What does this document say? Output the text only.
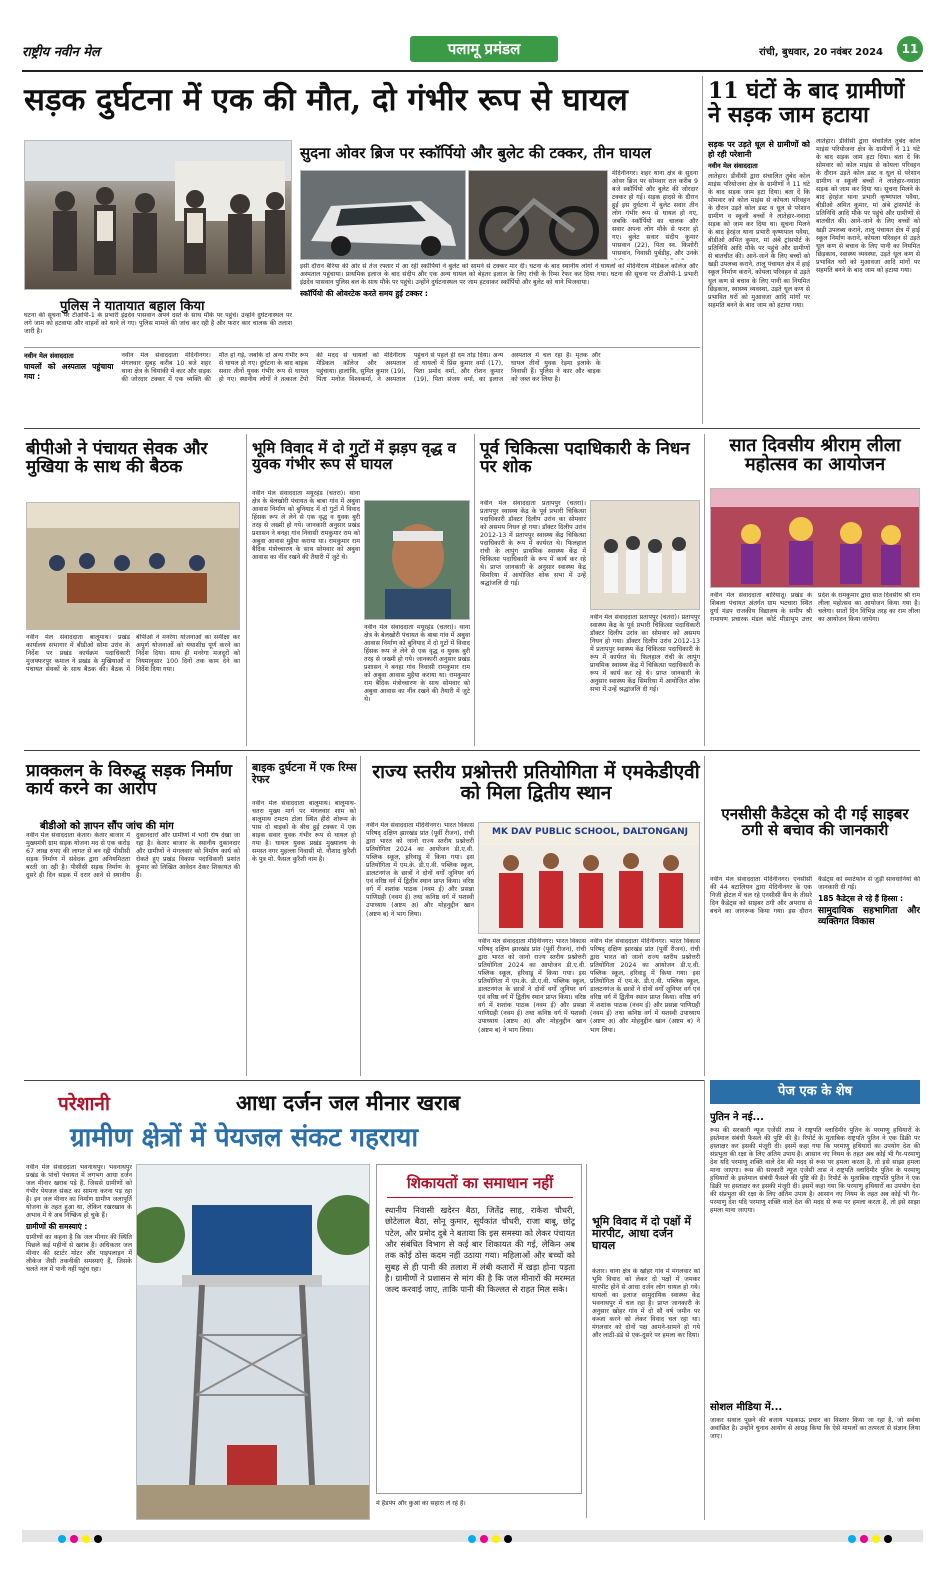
राष्ट्रीय नवीन मेल	पलामू प्रमंडल	रांची, बुधवार, 20 नवंबर 2024	11
सड़क दुर्घटना में एक की मौत, दो गंभीर रूप से घायल
पुलिस ने यातायात बहाल किया
घटना की सूचना पर टीओपी-1 के प्रभारी इंद्रदेव पासवान अपने दस्ते के साथ मौके पर पहुंचे। उन्होंने दुर्घटनास्थल पर लगे जाम को हटवाया और वाहनों को थाने ले गए। पुलिस मामले की जांच कर रही है और फरार कार चालक की तलाश जारी है।
सुदना ओवर ब्रिज पर स्कॉर्पियो और बुलेट की टक्कर, तीन घायल
मेदिनीनगर। शहर थाना क्षेत्र के सुदना ओवर ब्रिज पर सोमवार रात करीब 9 बजे स्कॉर्पियो और बुलेट की जोरदार टक्कर हो गई। सड़क हादसे के दौरान हुई इस दुर्घटना में बुलेट सवार तीन लोग गंभीर रूप से घायल हो गए, जबकि स्कॉर्पियो का चालक और सवार अपना लोग मौके से फरार हो गए। बुलेट सवार संदीप कुमार पासवान (22), पिता स्व. किशोरी पासवान, निवासी पुर्बडीह, और उनके
इसी दौरान बैरिया की ओर से तेज रफ्तार में आ रही स्कॉर्पियो ने बुलेट को सामने से टक्कर मार दी। घटना के बाद स्थानीय लोगों ने घायलों को मेदिनीराय मेडिकल कॉलेज और अस्पताल पहुंचाया। प्राथमिक इलाज के बाद संदीप और एक अन्य घायल को बेहतर इलाज के लिए रांची के रिम्स रेफर कर दिया गया। घटना की सूचना पर टीओपी-1 प्रभारी इंद्रदेव पासवान पुलिस बल के साथ मौके पर पहुंचे। उन्होंने दुर्घटनास्थल पर जाम हटवाकर स्कॉर्पियो और बुलेट को थाने भिजवाया।
स्कॉर्पियो की ओवरटेक करते समय हुई टक्कर :
नवीन मेल संवाददाता
घायलों को अस्पताल पहुंचाया गया :
नवीन मेल संवाददाता मेदिनीनगर। मंगलवार सुबह करीब 10 बजे शहर थाना क्षेत्र के चियांकी में कार और सड़क की जोरदार टक्कर में एक व्यक्ति की मौत हो गई, जबकि दो अन्य गंभीर रूप से घायल हो गए। दुर्घटना के बाद बाइक सवार तीनों युवक गंभीर रूप से घायल हो गए। स्थानीय लोगों ने तत्काल टेंपो की मदद से घायलों को मेदिनीराय मेडिकल कॉलेज और अस्पताल पहुंचाया। हालांकि, सुमित कुमार (19), पिता मनोज विश्वकर्मा, ने अस्पताल पहुंचने से पहले ही दम तोड़ दिया। अन्य दो घायलों में प्रिंस कुमार वर्मा (17), पिता प्रमोद वर्मा, और रोशन कुमार (19), पिता संजय वर्मा, का इलाज अस्पताल में चल रहा है। मृतक और घायल तीनों युवक रेड़मा इलाके के निवासी हैं। पुलिस ने कार और बाइक को जब्त कर लिया है।
11 घंटों के बाद ग्रामीणों ने सड़क जाम हटाया
सड़क पर उड़ते धूल से ग्रामीणों को हो रही परेशानी
नवीन मेल संवाददाता
लातेहार। डीवीसी द्वारा संचालित तुबेद कोल माइंस परियोजना क्षेत्र के ग्रामीणों ने 11 घंटे के बाद सड़क जाम हटा दिया। बता दें कि सोमवार को कोल माइंस से कोयला परिवहन के दौरान उड़ते कोल डस्ट व धूल से परेशान ग्रामीण व स्कूली बच्चों ने लातेहार-नवादा सड़क को जाम कर दिया था। सूचना मिलने के बाद हेरहंज थाना प्रभारी कृष्णपाल पवैया, बीडीओ अमित कुमार, मां अंबे ट्रांसपोर्ट के प्रतिनिधि आदि मौके पर पहुंचे और ग्रामीणों से बातचीत की। आने-जाने के लिए बच्चों को खड़ी उपलब्ध कराने, तालू पंचायत क्षेत्र में हाई स्कूल निर्माण कराने, कोयला परिवहन से उड़ते धूल कण से बचाव के लिए पानी का नियमित छिड़काव, स्वास्थ्य व्यवस्था, उड़ते धूल कण से प्रभावित घरों को मुआवजा आदि मांगों पर सहमति बनने के बाद जाम को हटाया गया।
लातेहार। डीवीसी द्वारा संचालित तुबेद कोल माइंस परियोजना क्षेत्र के ग्रामीणों ने 11 घंटे के बाद सड़क जाम हटा दिया। बता दें कि सोमवार को कोल माइंस से कोयला परिवहन के दौरान उड़ते कोल डस्ट व धूल से परेशान ग्रामीण व स्कूली बच्चों ने लातेहार-नवादा सड़क को जाम कर दिया था। सूचना मिलने के बाद हेरहंज थाना प्रभारी कृष्णपाल पवैया, बीडीओ अमित कुमार, मां अंबे ट्रांसपोर्ट के प्रतिनिधि आदि मौके पर पहुंचे और ग्रामीणों से बातचीत की। आने-जाने के लिए बच्चों को खड़ी उपलब्ध कराने, तालू पंचायत क्षेत्र में हाई स्कूल निर्माण कराने, कोयला परिवहन से उड़ते धूल कण से बचाव के लिए पानी का नियमित छिड़काव, स्वास्थ्य व्यवस्था, उड़ते धूल कण से प्रभावित घरों को मुआवजा आदि मांगों पर सहमति बनने के बाद जाम को हटाया गया।
बीपीओ ने पंचायत सेवक और मुखिया के साथ की बैठक
नवीन मेल संवाददाता बालूमाथ। प्रखंड कार्यालय सभागार में बीडीओ सोमा उरांव के निर्देश पर प्रखंड कार्यक्रम पदाधिकारी मुजफ्फरपुर कमाल ने प्रखंड के मुखियाओं व पंचायत सेवकों के साथ बैठक की। बैठक में बीपीओ ने मनरेगा योजनाओं का समीक्षा कर अपूर्ण योजनाओं को यथाशीघ्र पूर्ण करने का निर्देश दिया। साथ ही मनरेगा मजदूरों को नियमानुसार 100 दिनों तक काम देने का निर्देश दिया गया।
भूमि विवाद में दो गुटों में झड़प वृद्ध व युवक गंभीर रूप से घायल
नवीन मेल संवाददाता मयूरहंड (चतरा)। थाना क्षेत्र के बेलखोरी पंचायत के बाबा गांव में अबुवा आवास निर्माण को बुनियाद में दो गुटों में विवाद हिंसक रूप ले लेने से एक वृद्ध व युवक बुरी तरह से जख्मी हो गये। जानकारी अनुसार प्रखंड प्रशासन ने बनहा गांव निवासी रामकुमार राम को अबुवा आवास मुहैया कराया था। रामकुमार राम बैदिक मंत्रोच्चारण के साथ सोमवार को अबुवा आवास का नींव रखने की तैयारी में जुटे थे।
नवीन मेल संवाददाता मयूरहंड (चतरा)। थाना क्षेत्र के बेलखोरी पंचायत के बाबा गांव में अबुवा आवास निर्माण को बुनियाद में दो गुटों में विवाद हिंसक रूप ले लेने से एक वृद्ध व युवक बुरी तरह से जख्मी हो गये। जानकारी अनुसार प्रखंड प्रशासन ने बनहा गांव निवासी रामकुमार राम को अबुवा आवास मुहैया कराया था। रामकुमार राम बैदिक मंत्रोच्चारण के साथ सोमवार को अबुवा आवास का नींव रखने की तैयारी में जुटे थे।
पूर्व चिकित्सा पदाधिकारी के निधन पर शोक
नवीन मेल संवाददाता प्रतापपुर (चतरा)। प्रतापपुर स्वास्थ्य केंद्र के पूर्व प्रभारी चिकित्सा पदाधिकारी डॉक्टर दिलीप उरांव का सोमवार को असमय निधन हो गया। डॉक्टर दिलीप उरांव 2012-13 में प्रतापपुर स्वास्थ्य केंद्र चिकित्सा पदाधिकारी के रूप में कार्यरत थे। फिलहाल रांची के लापुंग प्राथमिक स्वास्थ्य केंद्र में चिकित्सा पदाधिकारी के रूप में कार्य कर रहे थे। प्राप्त जानकारी के अनुसार स्वास्थ्य केंद्र सिमरिया में आयोजित शोक सभा में उन्हें श्रद्धांजलि दी गई।
नवीन मेल संवाददाता प्रतापपुर (चतरा)। प्रतापपुर स्वास्थ्य केंद्र के पूर्व प्रभारी चिकित्सा पदाधिकारी डॉक्टर दिलीप उरांव का सोमवार को असमय निधन हो गया। डॉक्टर दिलीप उरांव 2012-13 में प्रतापपुर स्वास्थ्य केंद्र चिकित्सा पदाधिकारी के रूप में कार्यरत थे। फिलहाल रांची के लापुंग प्राथमिक स्वास्थ्य केंद्र में चिकित्सा पदाधिकारी के रूप में कार्य कर रहे थे। प्राप्त जानकारी के अनुसार स्वास्थ्य केंद्र सिमरिया में आयोजित शोक सभा में उन्हें श्रद्धांजलि दी गई।
सात दिवसीय श्रीराम लीला महोत्सव का आयोजन
नवीन मेल संवाददाता बारियातू। प्रखंड के शिबला पंचायत अंतर्गत ग्राम भटचारा स्थित दुर्गा मंडप राजकीय विद्यालय के समीप श्री रामायण प्रचारक मंडल कोर्ट मीडाभूप उत्तर प्रदेश के रामकुमार द्वारा सात दिवसीय श्री राम लीला महोत्सव का आयोजन किया गया है। चलेगा। सातों दिन विभिन्न तरह का राम लीला का आयोजन किया जायेगा।
प्राक्कलन के विरुद्ध सड़क निर्माण कार्य करने का आरोप
बीडीओ को ज्ञापन सौंप जांच की मांग
नवीन मेल संवाददाता केतार। केतार बाजार में मुख्यमंत्री ग्राम सड़क योजना मद से एक करोड़ 67 लाख रुपए की लागत से बन रही पीसीसी सड़क निर्माण में संवेदक द्वारा अनियमितता बरती जा रही है। पीसीसी सड़क निर्माण के दूसरे ही दिन सड़क में दरार आने से स्थानीय दुकानदारों और ग्रामीणों में भारी रोष देखा जा रहा है। केतार बाजार के स्थानीय दुकानदार और ग्रामीणों ने मंगलवार को निर्माण कार्य को रोकते हुए प्रखंड विकास पदाधिकारी प्रशांत कुमार को लिखित आवेदन देकर शिकायत की है।
बाइक दुर्घटना में एक रिम्स रेफर
नवीन मेल संवाददाता बालूमाथ। बालूमाथ-चतरा मुख्य मार्ग पर मंगलवार शाम को बालूमाथ टमटम टोला स्थित हीरो शोरूम के पास दो बाइकों के बीच हुई टक्कर में एक बाइक सवार युवक गंभीर रूप से घायल हो गया है। घायल युवक प्रखंड मुख्यालय के समस्त नगर मुहल्ला निवासी मो. नौशाद कुरैशी के पुत्र मो. फैसल कुरैशी नाम है।
राज्य स्तरीय प्रश्नोत्तरी प्रतियोगिता में एमकेडीएवी को मिला द्वितीय स्थान
नवीन मेल संवाददाता मेदिनीनगर। भारत विकास परिषद् दक्षिण झारखंड प्रांत (पूर्वी रीजन), रांची द्वारा भारत को जानो राज्य स्तरीय प्रश्नोत्तरी प्रतियोगिता 2024 का आयोजन डी.ए.वी. पब्लिक स्कूल, हरिवाडू में किया गया। इस प्रतियोगिता में एम.के. डी.ए.वी. पब्लिक स्कूल, डालटनगंज के छात्रों ने दोनों वर्गों जूनियर वर्ग एवं वरिष्ठ वर्ग में द्वितीय स्थान प्राप्त किया। वरिष्ठ वर्ग में शशांक पाठक (नवम ई) और प्रसन्ना पाणिग्रही (नवम ई) तथा कनिष्ठ वर्ग में यशस्वी उपाध्याय (अष्टम अ) और मोहनुद्दीन खान (अष्टम ब) ने भाग लिया।
MK DAV PUBLIC SCHOOL, DALTONGANJ
नवीन मेल संवाददाता मेदिनीनगर। भारत विकास परिषद् दक्षिण झारखंड प्रांत (पूर्वी रीजन), रांची द्वारा भारत को जानो राज्य स्तरीय प्रश्नोत्तरी प्रतियोगिता 2024 का आयोजन डी.ए.वी. पब्लिक स्कूल, हरिवाडू में किया गया। इस प्रतियोगिता में एम.के. डी.ए.वी. पब्लिक स्कूल, डालटनगंज के छात्रों ने दोनों वर्गों जूनियर वर्ग एवं वरिष्ठ वर्ग में द्वितीय स्थान प्राप्त किया। वरिष्ठ वर्ग में शशांक पाठक (नवम ई) और प्रसन्ना पाणिग्रही (नवम ई) तथा कनिष्ठ वर्ग में यशस्वी उपाध्याय (अष्टम अ) और मोहनुद्दीन खान (अष्टम ब) ने भाग लिया।
नवीन मेल संवाददाता मेदिनीनगर। भारत विकास परिषद् दक्षिण झारखंड प्रांत (पूर्वी रीजन), रांची द्वारा भारत को जानो राज्य स्तरीय प्रश्नोत्तरी प्रतियोगिता 2024 का आयोजन डी.ए.वी. पब्लिक स्कूल, हरिवाडू में किया गया। इस प्रतियोगिता में एम.के. डी.ए.वी. पब्लिक स्कूल, डालटनगंज के छात्रों ने दोनों वर्गों जूनियर वर्ग एवं वरिष्ठ वर्ग में द्वितीय स्थान प्राप्त किया। वरिष्ठ वर्ग में शशांक पाठक (नवम ई) और प्रसन्ना पाणिग्रही (नवम ई) तथा कनिष्ठ वर्ग में यशस्वी उपाध्याय (अष्टम अ) और मोहनुद्दीन खान (अष्टम ब) ने भाग लिया।
एनसीसी कैडेट्स को दी गई साइबर ठगी से बचाव की जानकारी
नवीन मेल संवाददाता मेदिनीनगर। एनसीसी की 44 बटालियन द्वारा मेदिनीनगर के एक निजी होटल में चल रहे एनसीसी कैंप के तीसरे दिन कैडेट्स को साइबर ठगी और अपराध से बचने का जागरूक किया गया। इस दौरान कैडेट्स को स्मार्टफोन से जुड़ी सावधानियां की जानकारी दी गई।
185 कैडेट्स ले रहे हैं हिस्सा :
सामुदायिक सहभागिता और व्यक्तिगत विकास
पेज एक के शेष
पुतिन ने नई...
रूस की सरकारी न्यूज एजेंसी तास ने राष्ट्रपति व्लादिमीर पुतिन के परमाणु हथियारों के इस्तेमाल संबंधी फैसले की पुष्टि की है। रिपोर्ट के मुताबिक राष्ट्रपति पुतिन ने एक डिक्री पर हस्ताक्षर कर इसकी मंजूरी दी। इसमें कहा गया कि परमाणु हथियारों का उपयोग देश की संप्रभुता की रक्षा के लिए अंतिम उपाय है। आसान नए नियम के तहत अब कोई भी गैर-परमाणु देश यदि परमाणु शक्ति वाले देश की मदद से रूस पर हमला करता है, तो इसे साझा हमला माना जाएगा। रूस की सरकारी न्यूज एजेंसी तास ने राष्ट्रपति व्लादिमीर पुतिन के परमाणु हथियारों के इस्तेमाल संबंधी फैसले की पुष्टि की है। रिपोर्ट के मुताबिक राष्ट्रपति पुतिन ने एक डिक्री पर हस्ताक्षर कर इसकी मंजूरी दी। इसमें कहा गया कि परमाणु हथियारों का उपयोग देश की संप्रभुता की रक्षा के लिए अंतिम उपाय है। आसान नए नियम के तहत अब कोई भी गैर-परमाणु देश यदि परमाणु शक्ति वाले देश की मदद से रूस पर हमला करता है, तो इसे साझा हमला माना जाएगा।
सोशल मीडिया में...
जाकर सवाल पूछने की बजाय भड़काऊ प्रचार का विस्तार किया जा रहा है, जो सर्वथा अवांछित है। उन्होंने चुनाव आयोग से आग्रह किया कि ऐसे मामलों का तत्परता से संज्ञान लिया जाए।
परेशानी	आधा दर्जन जल मीनार खराब
ग्रामीण क्षेत्रों में पेयजल संकट गहराया
नवीन मेल संवाददाता भवनाथपुर। भवनाथपुर प्रखंड के पांचों पंचायत में लगभग आधा दर्जन जल मीनार खराब पड़े हैं, जिससे ग्रामीणों को गंभीर पेयजल संकट का सामना करना पड़ रहा है। इन जल मीनार का निर्माण ग्रामीण जलापूर्ति योजना के तहत हुआ था, लेकिन रखरखाव के अभाव में ये अब निष्क्रिय हो चुके हैं।
ग्रामीणों की समस्याएं :
ग्रामीणों का कहना है कि जल मीनार की स्थिति पिछले कई महीनों से खराब है। अधिकतर जल मीनार की स्टार्टर मोटर और पाइपलाइन में लीकेज जैसी तकनीकी समस्याएं हैं, जिसके चलते नल में पानी नहीं पहुंच रहा।
शिकायतों का समाधान नहीं
स्थानीय निवासी खदेरन बैठा, जितेंद्र साह, राकेश चौधरी, छोटेलाल बैठा, सोनू कुमार, सूर्यकांत चौधरी, राजा बाबू, छोटू पटेल, और प्रमोद दुबे ने बताया कि इस समस्या को लेकर पंचायत और संबंधित विभाग से कई बार शिकायत की गई, लेकिन अब तक कोई ठोस कदम नहीं उठाया गया। महिलाओं और बच्चों को सुबह से ही पानी की तलाश में लंबी कतारों में खड़ा होना पड़ता है। ग्रामीणों ने प्रशासन से मांग की है कि जल मीनारों की मरम्मत जल्द करवाई जाए, ताकि पानी की किल्लत से राहत मिल सके।
में हैंडपंप और कुआं का सहारा ले रहे हैं।
भूमि विवाद में दो पक्षों में मारपीट, आधा दर्जन घायल
केतार। थाना क्षेत्र के खोहर गांव में मंगलवार को भूमि विवाद को लेकर दो पक्षों में जमकर मारपीट होने से आधा दर्जन लोग घायल हो गये। घायलों का इलाज सामुदायिक स्वास्थ्य केंद्र भवनाथपुर में चल रहा है। प्राप्त जानकारी के अनुसार खोहर गांव में दो सौ वर्ष जमीन पर कब्जा करने को लेकर विवाद चल रहा था। मंगलवार को दोनों पक्ष आमने-सामने हो गये और लाठी-डंडे से एक-दूसरे पर हमला कर दिया।
